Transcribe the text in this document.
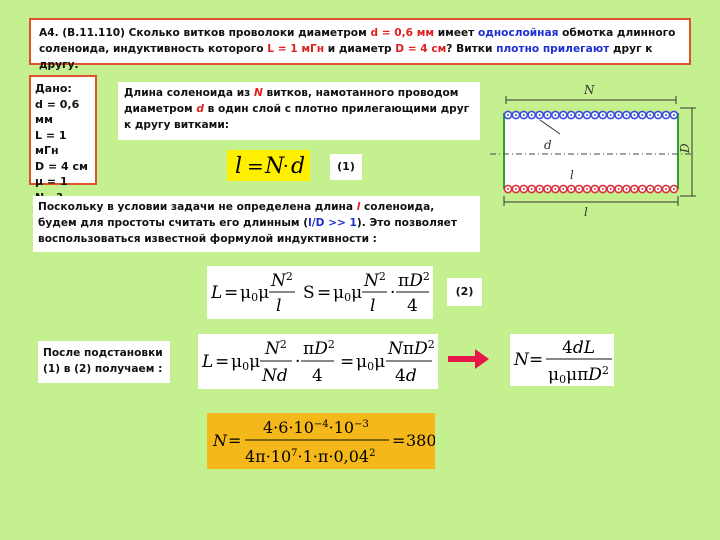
А4. (В.11.110) Сколько витков проволоки диаметром d = 0,6 мм имеет однослойная обмотка длинного соленоида, индуктивность которого L = 1 мГн и диаметр D = 4 см? Витки плотно прилегают друг к другу.
Дано:
d = 0,6 мм
L = 1 мГн
D = 4 см
μ = 1
Длина соленоида из N витков, намотанного проводом диаметром d в один слой с плотно прилегающими друг к другу витками:
l = N
· d	(1)
Поскольку в условии задачи не определена длина l соленоида, будем для простоты считать его длинным (l/D >> 1). Это позволяет воспользоваться известной формулой индуктивности :
L = μ0μ
$N^2$
l
S = μ0μ
$N^2$
l
·
$\pi D^2$
4
(2)
После подстановки (1) в (2) получаем :	L = μ0μ
$N^2$
Nd
·
$\pi D^2$
4
= μ0μ
NπD$^2$
4d
N =
4dL
μ0μπD$^2$
N =
$4\cdot 6\cdot 10^{-4}\cdot 10^{-3}$
$4\pi\cdot 10^7\cdot 1\cdot\pi\cdot 0,04^2$
= 380
N
D
d
l
l
